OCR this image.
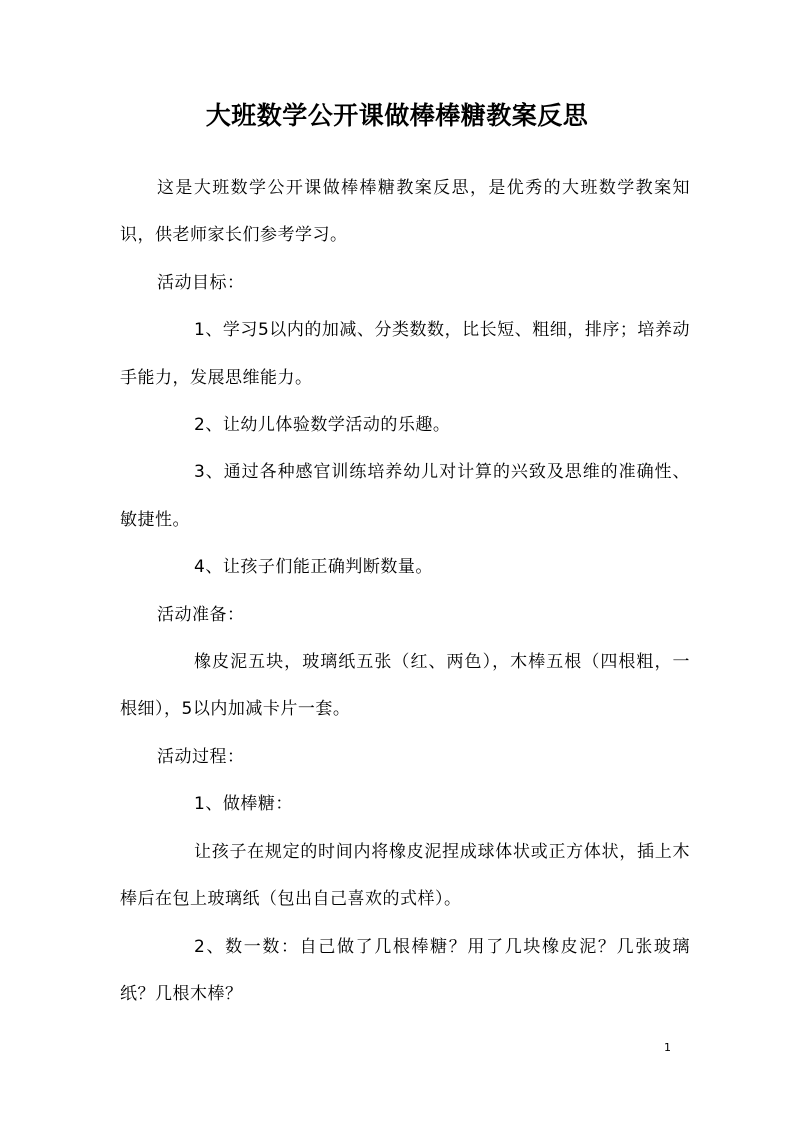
大班数学公开课做棒棒糖教案反思

这是大班数学公开课做棒棒糖教案反思，是优秀的大班数学教案知识，供老师家长们参考学习。

活动目标：

1、学习5以内的加减、分类数数，比长短、粗细，排序；培养动手能力，发展思维能力。

2、让幼儿体验数学活动的乐趣。

3、通过各种感官训练培养幼儿对计算的兴致及思维的准确性、敏捷性。

4、让孩子们能正确判断数量。

活动准备：

橡皮泥五块，玻璃纸五张（红、两色），木棒五根（四根粗，一根细），5以内加减卡片一套。

活动过程：

1、做棒糖：

让孩子在规定的时间内将橡皮泥捏成球体状或正方体状，插上木棒后在包上玻璃纸（包出自己喜欢的式样）。

2、数一数：自己做了几根棒糖？用了几块橡皮泥？几张玻璃纸？几根木棒？

1
